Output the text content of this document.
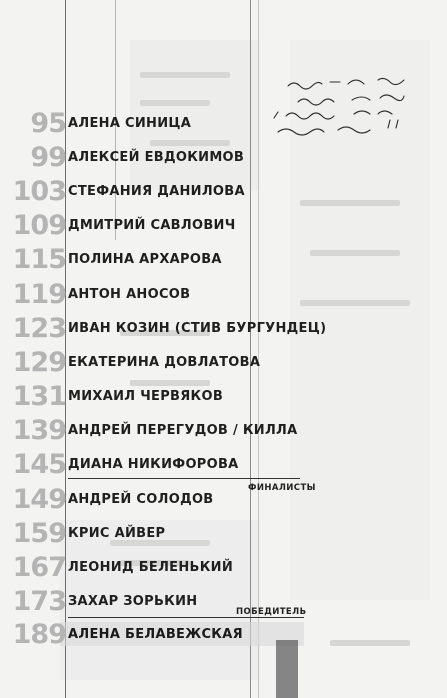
95 АЛЕНА СИНИЦА
99 АЛЕКСЕЙ ЕВДОКИМОВ
103 СТЕФАНИЯ ДАНИЛОВА
109 ДМИТРИЙ САВЛОВИЧ
115 ПОЛИНА АРХАРОВА
119 АНТОН АНОСОВ
123 ИВАН КОЗИН (СТИВ БУРГУНДЕЦ)
129 ЕКАТЕРИНА ДОВЛАТОВА
131 МИХАИЛ ЧЕРВЯКОВ
139 АНДРЕЙ ПЕРЕГУДОВ / КИЛЛА
145 ДИАНА НИКИФОРОВА
ФИНАЛИСТЫ
149 АНДРЕЙ СОЛОДОВ
159 КРИС АЙВЕР
167 ЛЕОНИД БЕЛЕНЬКИЙ
173 ЗАХАР ЗОРЬКИН
ПОБЕДИТЕЛЬ
189 АЛЕНА БЕЛАВЕЖСКАЯ
